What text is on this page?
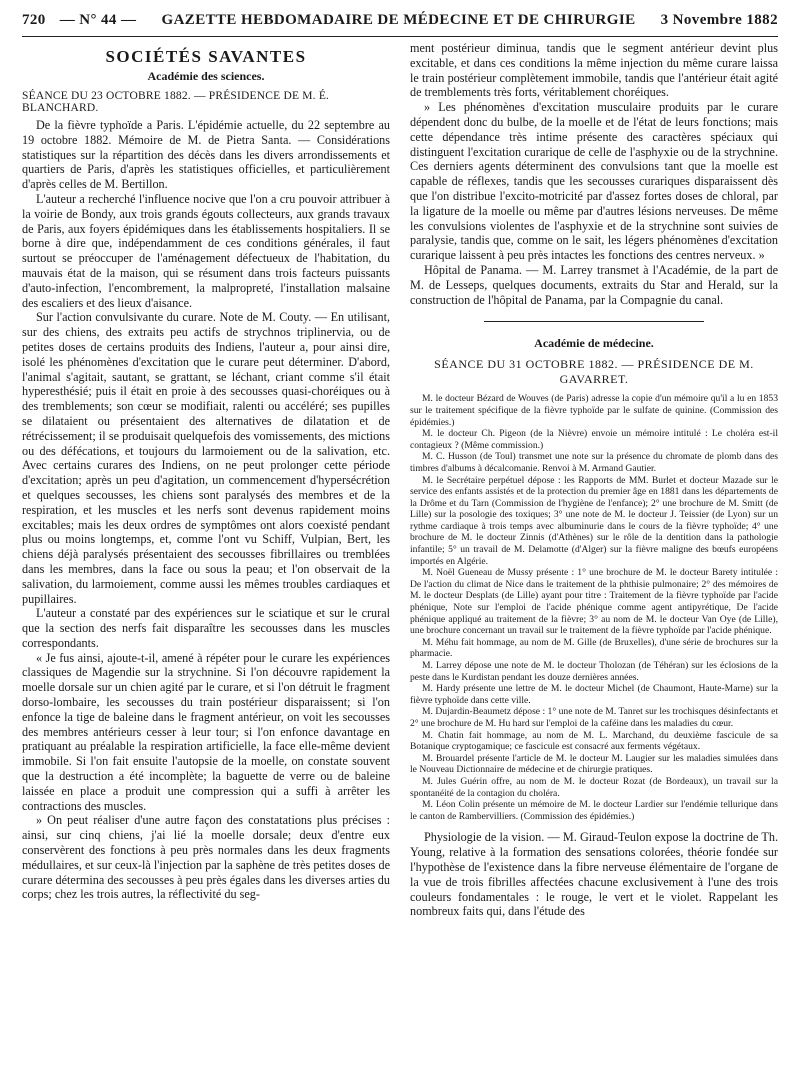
720 — N° 44 — GAZETTE HEBDOMADAIRE DE MÉDECINE ET DE CHIRURGIE 3 Novembre 1882
SOCIÉTÉS SAVANTES
Académie des sciences.
SÉANCE DU 23 OCTOBRE 1882. — PRÉSIDENCE DE M. É. BLANCHARD.

De la fièvre typhoïde a Paris. L'épidémie actuelle, du 22 septembre au 19 octobre 1882. Mémoire de M. de Pietra Santa. — Considérations statistiques sur la répartition des décès dans les divers arrondissements et quartiers de Paris, d'après les statistiques officielles, et particulièrement d'après celles de M. Bertillon.

L'auteur a recherché l'influence nocive que l'on a cru pouvoir attribuer à la voirie de Bondy, aux trois grands égouts collecteurs, aux grands travaux de Paris, aux foyers épidémiques dans les établissements hospitaliers. Il se borne à dire que, indépendamment de ces conditions générales, il faut surtout se préoccuper de l'aménagement défectueux de l'habitation, du mauvais état de la maison, qui se résument dans trois facteurs puissants d'auto-infection, l'encombrement, la malpropreté, l'installation malsaine des escaliers et des lieux d'aisance.

Sur l'action convulsivante du curare. Note de M. Couty. — En utilisant, sur des chiens, des extraits peu actifs de strychnos triplinervia, ou de petites doses de certains produits des Indiens, l'auteur a, pour ainsi dire, isolé les phénomènes d'excitation que le curare peut déterminer. D'abord, l'animal s'agitait, sautant, se grattant, se léchant, criant comme s'il était hyperesthésié; puis il était en proie à des secousses quasi-choréiques ou à des tremblements; son cœur se modifiait, ralenti ou accéléré; ses pupilles se dilataient ou présentaient des alternatives de dilatation et de rétrécissement; il se produisait quelquefois des vomissements, des mictions ou des défécations, et toujours du larmoiement ou de la salivation, etc. Avec certains curares des Indiens, on ne peut prolonger cette période d'excitation; après un peu d'agitation, un commencement d'hypersécrétion et quelques secousses, les chiens sont paralysés des membres et de la respiration, et les muscles et les nerfs sont devenus rapidement moins excitables; mais les deux ordres de symptômes ont alors coexisté pendant plus ou moins longtemps, et, comme l'ont vu Schiff, Vulpian, Bert, les chiens déjà paralysés présentaient des secousses fibrillaires ou tremblées dans les membres, dans la face ou sous la peau; et l'on observait de la salivation, du larmoiement, comme aussi les mêmes troubles cardiaques et pupillaires.

L'auteur a constaté par des expériences sur le sciatique et sur le crural que la section des nerfs fait disparaître les secousses dans les muscles correspondants.

« Je fus ainsi, ajoute-t-il, amené à répéter pour le curare les expériences classiques de Magendie sur la strychnine. Si l'on découvre rapidement la moelle dorsale sur un chien agité par le curare, et si l'on détruit le fragment dorso-lombaire, les secousses du train postérieur disparaissent; si l'on enfonce la tige de baleine dans le fragment antérieur, on voit les secousses des membres antérieurs cesser à leur tour; si l'on enfonce davantage en pratiquant au préalable la respiration artificielle, la face elle-même devient immobile. Si l'on fait ensuite l'autopsie de la moelle, on constate souvent que la destruction a été incomplète; la baguette de verre ou de baleine laissée en place a produit une compression qui a suffi à arrêter les contractions des muscles.

» On peut réaliser d'une autre façon des constatations plus précises : ainsi, sur cinq chiens, j'ai lié la moelle dorsale; deux d'entre eux conservèrent des fonctions à peu près normales dans les deux fragments médullaires, et sur ceux-là l'injection par la saphène de très petites doses de curare détermina des secousses à peu près égales dans les diverses arties du corps; chez les trois autres, la réflectivité du seg-

ment postérieur diminua, tandis que le segment antérieur devint plus excitable, et dans ces conditions la même injection du même curare laissa le train postérieur complètement immobile, tandis que l'antérieur était agité de tremblements très forts, véritablement choréiques.

» Les phénomènes d'excitation musculaire produits par le curare dépendent donc du bulbe, de la moelle et de l'état de leurs fonctions; mais cette dépendance très intime présente des caractères spéciaux qui distinguent l'excitation curarique de celle de l'asphyxie ou de la strychnine. Ces derniers agents déterminent des convulsions tant que la moelle est capable de réflexes, tandis que les secousses curariques disparaissent dès que l'on distribue l'excito-motricité par d'assez fortes doses de chloral, par la ligature de la moelle ou même par d'autres lésions nerveuses. De même les convulsions violentes de l'asphyxie et de la strychnine sont suivies de paralysie, tandis que, comme on le sait, les légers phénomènes d'excitation curarique laissent à peu près intactes les fonctions des centres nerveux. »

Hôpital de Panama. — M. Larrey transmet à l'Académie, de la part de M. de Lesseps, quelques documents, extraits du Star and Herald, sur la construction de l'hôpital de Panama, par la Compagnie du canal.

Académie de médecine.
SÉANCE DU 31 OCTOBRE 1882. — PRÉSIDENCE DE M. GAVARRET.

M. le docteur Bézard de Wouves (de Paris) adresse la copie d'un mémoire qu'il a lu en 1853 sur le traitement spécifique de la fièvre typhoïde par le sulfate de quinine. (Commission des épidémies.)

M. le docteur Ch. Pigeon (de la Nièvre) envoie un mémoire intitulé : Le choléra est-il contagieux ? (Même commission.)

M. C. Husson (de Toul) transmet une note sur la présence du chromate de plomb dans des timbres d'albums à décalcomanie. Renvoi à M. Armand Gautier.

M. le Secrétaire perpétuel dépose : les Rapports de MM. Burlet et docteur Mazade sur le service des enfants assistés et de la protection du premier âge en 1881 dans les départements de la Drôme et du Tarn (Commission de l'hygiène de l'enfance); 2° une brochure de M. Smitt (de Lille) sur la posologie des toxiques; 3° une note de M. le docteur J. Teissier (de Lyon) sur un rythme cardiaque à trois temps avec albuminurie dans le cours de la fièvre typhoïde; 4° une brochure de M. le docteur Zinnis (d'Athènes) sur le rôle de la dentition dans la pathologie infantile; 5° un travail de M. Delamotte (d'Alger) sur la fièvre maligne des bœufs européens importés en Algérie.

M. Noël Gueneau de Mussy présente : 1° une brochure de M. le docteur Barety intitulée : De l'action du climat de Nice dans le traitement de la phthisie pulmonaire; 2° des mémoires de M. le docteur Desplats (de Lille) ayant pour titre : Traitement de la fièvre typhoïde par l'acide phénique, Note sur l'emploi de l'acide phénique comme agent antipyrétique, De l'acide phénique appliqué au traitement de la fièvre; 3° au nom de M. le docteur Van Oye (de Lille), une brochure concernant un travail sur le traitement de la fièvre typhoïde par l'acide phénique.

M. Méhu fait hommage, au nom de M. Gille (de Bruxelles), d'une série de brochures sur la pharmacie.

M. Larrey dépose une note de M. le docteur Tholozan (de Téhéran) sur les éclosions de la peste dans le Kurdistan pendant les douze dernières années.

M. Hardy présente une lettre de M. le docteur Michel (de Chaumont, Haute-Marne) sur la fièvre typhoïde dans cette ville.

M. Dujardin-Beaumetz dépose : 1° une note de M. Tanret sur les trochisques désinfectants et 2° une brochure de M. Hu hard sur l'emploi de la caféine dans les maladies du cœur.

M. Chatin fait hommage, au nom de M. L. Marchand, du deuxième fascicule de sa Botanique cryptogamique; ce fascicule est consacré aux ferments végétaux.

M. Brouardel présente l'article de M. le docteur M. Laugier sur les maladies simulées dans le Nouveau Dictionnaire de médecine et de chirurgie pratiques.

M. Jules Guérin offre, au nom de M. le docteur Rozat (de Bordeaux), un travail sur la spontanéité de la contagion du choléra.

M. Léon Colin présente un mémoire de M. le docteur Lardier sur l'endémie tellurique dans le canton de Rambervilliers. (Commission des épidémies.)

Physiologie de la vision. — M. Giraud-Teulon expose la doctrine de Th. Young, relative à la formation des sensations colorées, théorie fondée sur l'hypothèse de l'existence dans la fibre nerveuse élémentaire de l'organe de la vue de trois fibrilles affectées chacune exclusivement à l'une des trois couleurs fondamentales : le rouge, le vert et le violet. Rappelant les nombreux faits qui, dans l'étude des
